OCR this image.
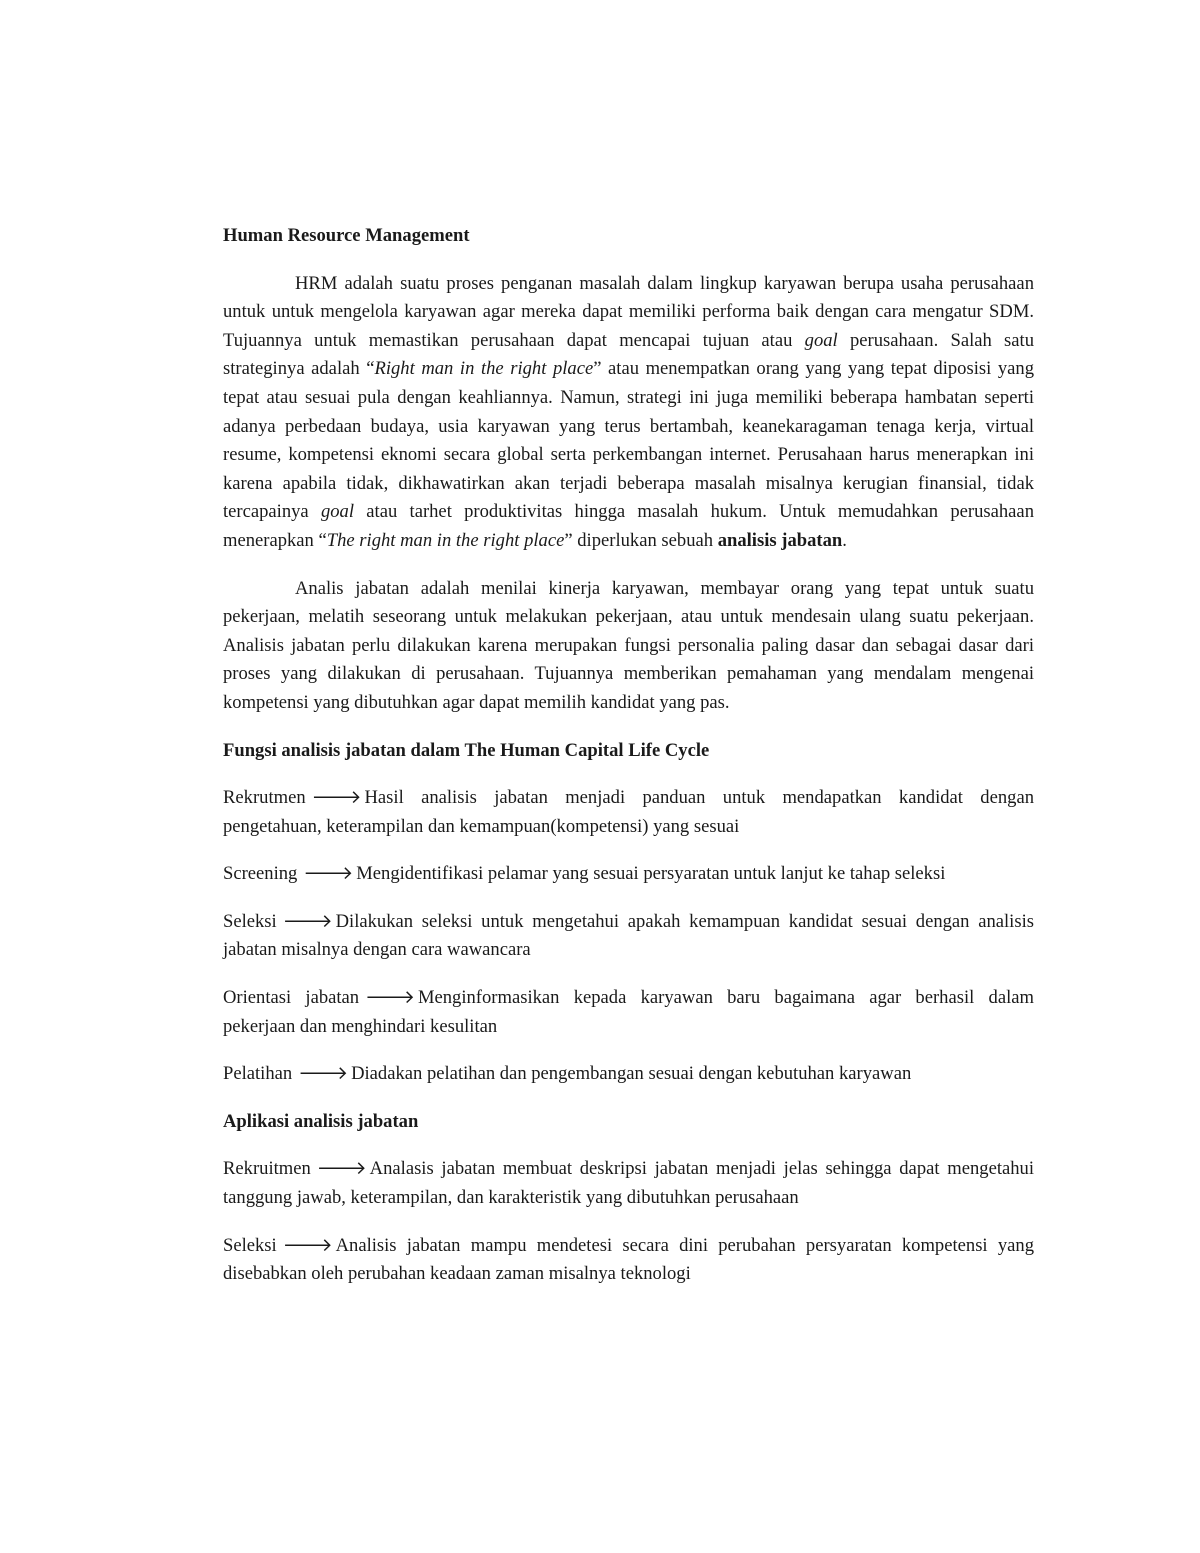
Human Resource Management

HRM adalah suatu proses penganan masalah dalam lingkup karyawan berupa usaha perusahaan untuk untuk mengelola karyawan agar mereka dapat memiliki performa baik dengan cara mengatur SDM. Tujuannya untuk memastikan perusahaan dapat mencapai tujuan atau goal perusahaan. Salah satu strateginya adalah “Right man in the right place” atau menempatkan orang yang yang tepat diposisi yang tepat atau sesuai pula dengan keahliannya. Namun, strategi ini juga memiliki beberapa hambatan seperti adanya perbedaan budaya, usia karyawan yang terus bertambah, keanekaragaman tenaga kerja, virtual resume, kompetensi eknomi secara global serta perkembangan internet. Perusahaan harus menerapkan ini karena apabila tidak, dikhawatirkan akan terjadi beberapa masalah misalnya kerugian finansial, tidak tercapainya goal atau tarhet produktivitas hingga masalah hukum. Untuk memudahkan perusahaan menerapkan “The right man in the right place” diperlukan sebuah analisis jabatan.

Analis jabatan adalah menilai kinerja karyawan, membayar orang yang tepat untuk suatu pekerjaan, melatih seseorang untuk melakukan pekerjaan, atau untuk mendesain ulang suatu pekerjaan. Analisis jabatan perlu dilakukan karena merupakan fungsi personalia paling dasar dan sebagai dasar dari proses yang dilakukan di perusahaan. Tujuannya memberikan pemahaman yang mendalam mengenai kompetensi yang dibutuhkan agar dapat memilih kandidat yang pas.

Fungsi analisis jabatan dalam The Human Capital Life Cycle

Rekrutmen 🡒 Hasil analisis jabatan menjadi panduan untuk mendapatkan kandidat dengan pengetahuan, keterampilan dan kemampuan(kompetensi) yang sesuai

Screening 🡒 Mengidentifikasi pelamar yang sesuai persyaratan untuk lanjut ke tahap seleksi

Seleksi 🡒 Dilakukan seleksi untuk mengetahui apakah kemampuan kandidat sesuai dengan analisis jabatan misalnya dengan cara wawancara

Orientasi jabatan 🡒 Menginformasikan kepada karyawan baru bagaimana agar berhasil dalam pekerjaan dan menghindari kesulitan

Pelatihan 🡒 Diadakan pelatihan dan pengembangan sesuai dengan kebutuhan karyawan

Aplikasi analisis jabatan

Rekruitmen 🡒 Analasis jabatan membuat deskripsi jabatan menjadi jelas sehingga dapat mengetahui tanggung jawab, keterampilan, dan karakteristik yang dibutuhkan perusahaan

Seleksi 🡒 Analisis jabatan mampu mendetesi secara dini perubahan persyaratan kompetensi yang disebabkan oleh perubahan keadaan zaman misalnya teknologi
